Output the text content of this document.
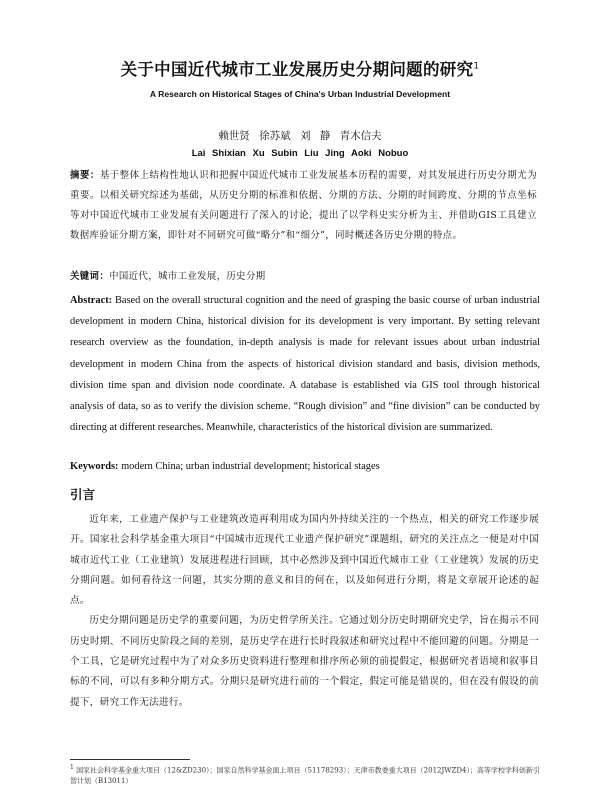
关于中国近代城市工业发展历史分期问题的研究$^1$
A Research on Historical Stages of China's Urban Industrial Development
赖世贤 徐苏斌 刘 静 青木信夫
Lai Shixian Xu Subin Liu Jing Aoki Nobuo
摘要：基于整体上结构性地认识和把握中国近代城市工业发展基本历程的需要，对其发展进行历史分期尤为重要。以相关研究综述为基础，从历史分期的标准和依据、分期的方法、分期的时间跨度、分期的节点坐标等对中国近代城市工业发展有关问题进行了深入的讨论，提出了以学科史实分析为主、并借助GIS工具建立数据库验证分期方案，即针对不同研究可做“略分”和“细分”，同时概述各历史分期的特点。
关键词：中国近代，城市工业发展，历史分期
Abstract: Based on the overall structural cognition and the need of grasping the basic course of urban industrial development in modern China, historical division for its development is very important. By setting relevant research overview as the foundation, in-depth analysis is made for relevant issues about urban industrial development in modern China from the aspects of historical division standard and basis, division methods, division time span and division node coordinate. A database is established via GIS tool through historical analysis of data, so as to verify the division scheme. “Rough division” and “fine division” can be conducted by directing at different researches. Meanwhile, characteristics of the historical division are summarized.
Keywords: modern China; urban industrial development; historical stages
引言

近年来，工业遗产保护与工业建筑改造再利用成为国内外持续关注的一个热点，相关的研究工作逐步展开。国家社会科学基金重大项目“中国城市近现代工业遗产保护研究”课题组，研究的关注点之一便是对中国城市近代工业（工业建筑）发展进程进行回顾，其中必然涉及到中国近代城市工业（工业建筑）发展的历史分期问题。如何看待这一问题，其实分期的意义和目的何在，以及如何进行分期，将是文章展开论述的起点。

历史分期问题是历史学的重要问题，为历史哲学所关注。它通过划分历史时期研究史学，旨在揭示不同历史时期、不同历史阶段之间的差别，是历史学在进行长时段叙述和研究过程中不能回避的问题。分期是一个工具，它是研究过程中为了对众多历史资料进行整理和排序所必须的前提假定，根据研究者语境和叙事目标的不同，可以有多种分期方式。分期只是研究进行前的一个假定，假定可能是错误的，但在没有假设的前提下，研究工作无法进行。

$^1$ 国家社会科学基金重大项目（12&ZD230）；国家自然科学基金面上项目（51178293）；天津市教委重大项目（2012JWZD4）；高等学校学科创新引智计划（B13011）
